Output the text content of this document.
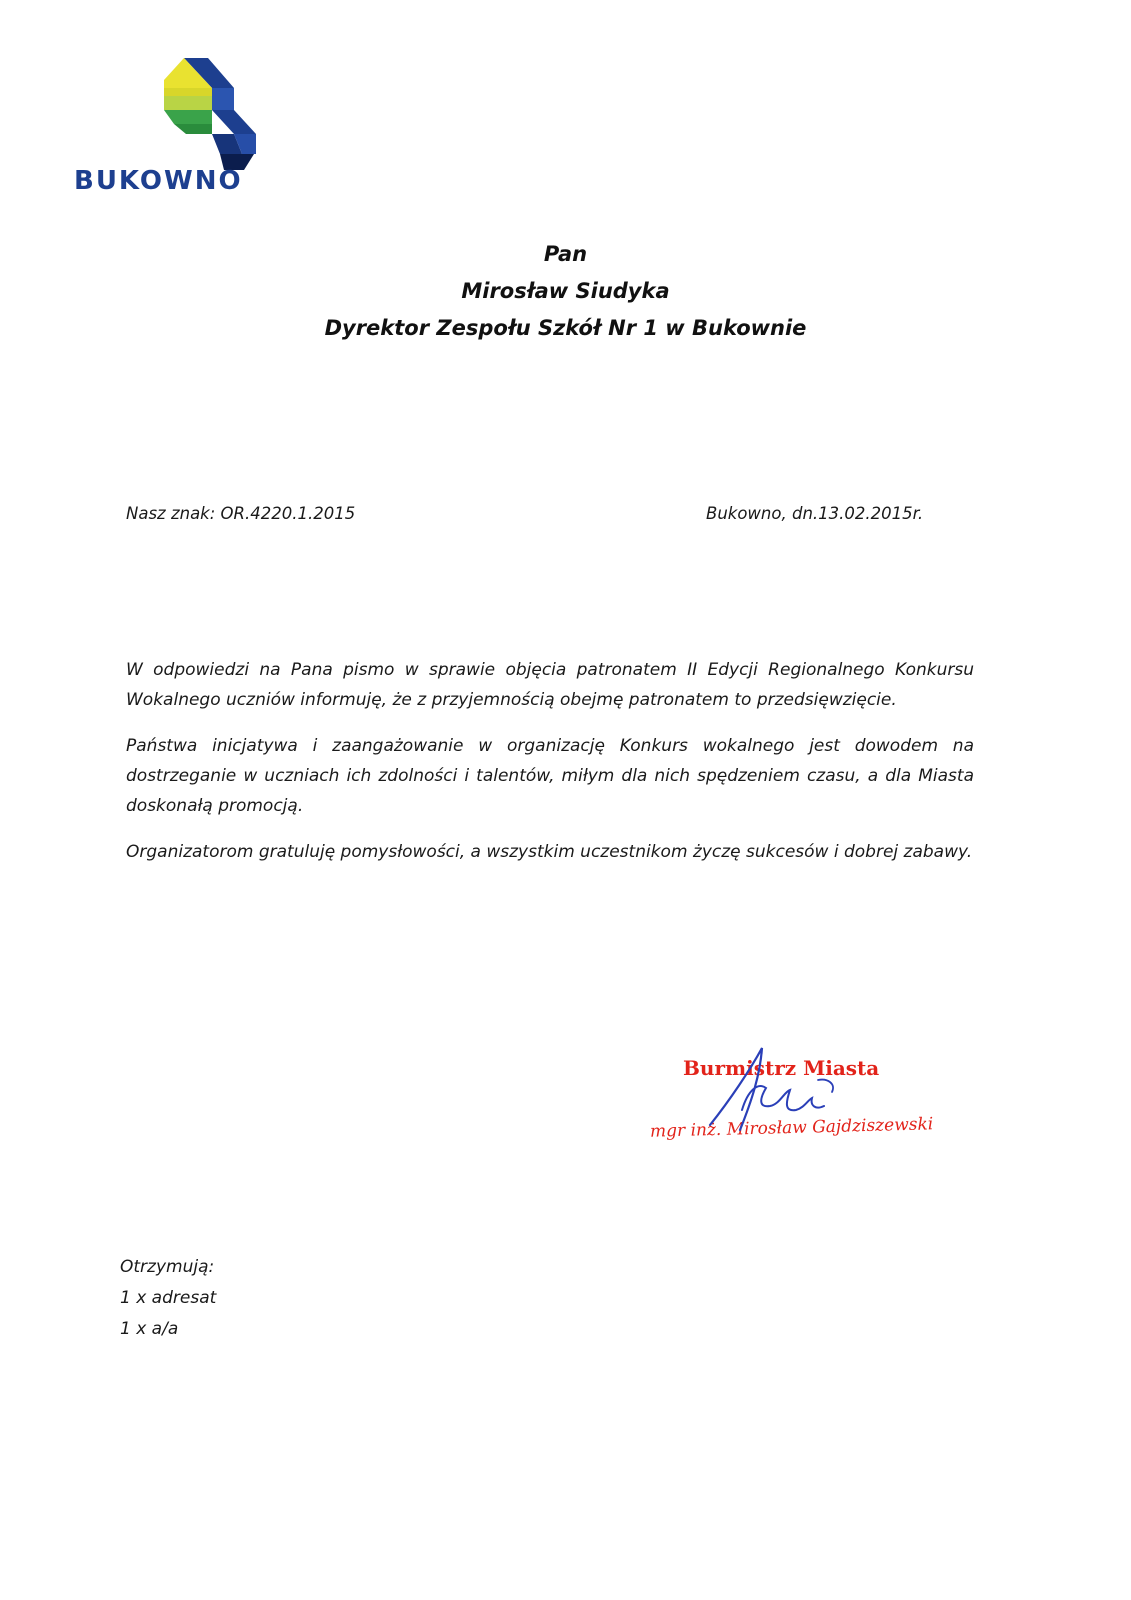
BUKOWNO
Pan
Mirosław Siudyka
Dyrektor Zespołu Szkół Nr 1 w Bukownie
Nasz znak: OR.4220.1.2015	Bukowno, dn.13.02.2015r.

W odpowiedzi na Pana pismo w sprawie objęcia patronatem II Edycji Regionalnego Konkursu Wokalnego uczniów informuję, że z przyjemnością obejmę patronatem to przedsięwzięcie.

Państwa inicjatywa i zaangażowanie w organizację Konkurs wokalnego jest dowodem na dostrzeganie w uczniach ich zdolności i talentów, miłym dla nich spędzeniem czasu, a dla Miasta doskonałą promocją.

Organizatorom gratuluję pomysłowości, a wszystkim uczestnikom życzę sukcesów i dobrej zabawy.

Burmistrz Miasta
mgr inż. Mirosław Gajdziszewski
Otrzymują:
1 x adresat
1 x a/a
